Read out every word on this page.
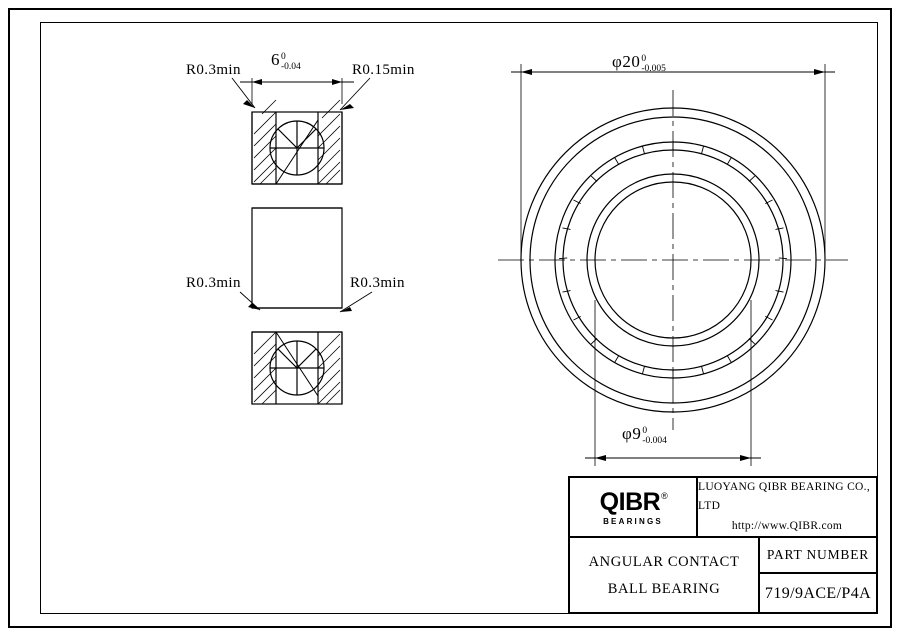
R0.3min	R0.15min
R0.3min	R0.3min
6 0
-0.04	φ20 0
-0.005
φ9 0
-0.004
QIBR®
BEARINGS
LUOYANG QIBR BEARING CO., LTD
http://www.QIBR.com
ANGULAR CONTACT
BALL BEARING
PART NUMBER
719/9ACE/P4A
